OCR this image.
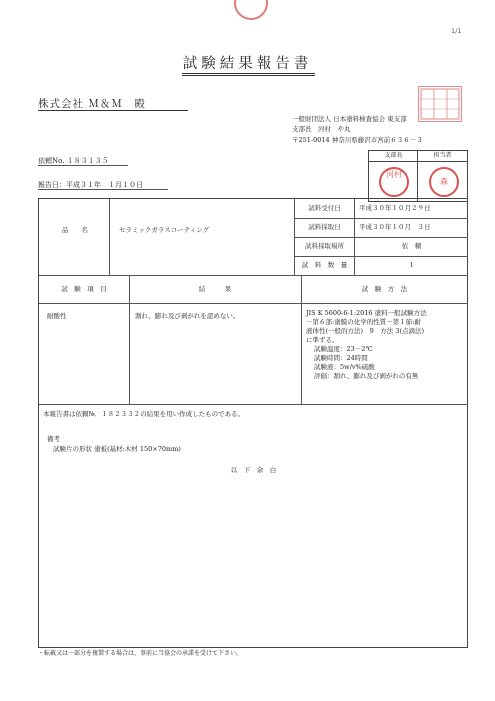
1/1
試験結果報告書
株式会社 Ｍ＆Ｍ　殿
一般財団法人 日本塗料検査協会 東支部
支部長　河村　や丸
〒251-0014 神奈川県藤沢市宮前６３６－３
支部長	担当者
河村
森
依頼No. １８３１３５
報告日：平成３１年　１月１０日
品　　名	セラミックガラスコーティング
試料受付日	平成３０年１０月２９日
試料採取日	平成３０年１０月　３日
試料採取場所	依　頼
試　料　数　量	１
試　験　項　目	結　　　果	試　験　方　法
耐酸性	割れ、膨れ及び剥がれを認めない。	JIS K 5600-6-1:2016 塗料一般試験方法
－第６部:塗膜の化学的性質－第１節:耐
液体性(一般的方法)　9　方法 3(点滴法)
に準ずる。
試験温度：23－2℃
試験時間：24時間
試験液：5w/v%硫酸
評価：割れ、膨れ及び剥がれの有無
本報告書は依頼№．１８２３３２の結果を用い作成したものである。
備考
試験片の形状 塗板(基材:木材 150×70mm)
以　下　余　白
・転載又は一部分を複製する場合は、事前に当協会の承諾を受けて下さい。
